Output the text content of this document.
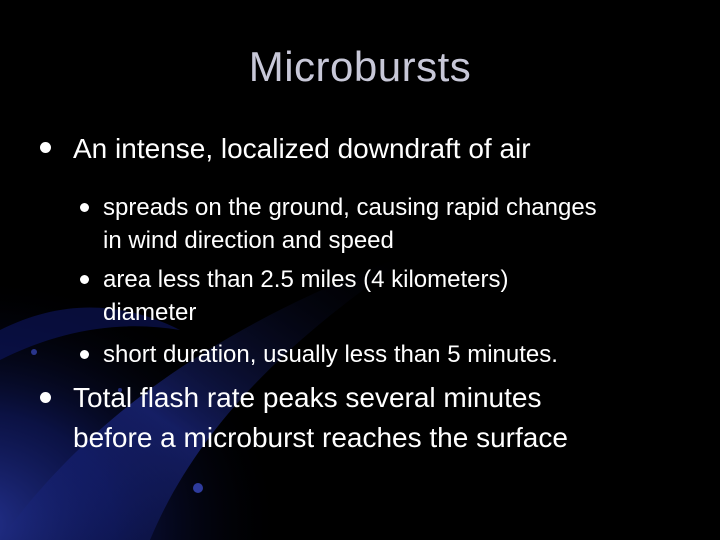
Microbursts
An intense, localized downdraft of air
spreads on the ground, causing rapid changes
in wind direction and speed
area less than 2.5 miles (4 kilometers)
diameter
short duration, usually less than 5 minutes.
Total flash rate peaks several minutes
before a microburst reaches the surface
